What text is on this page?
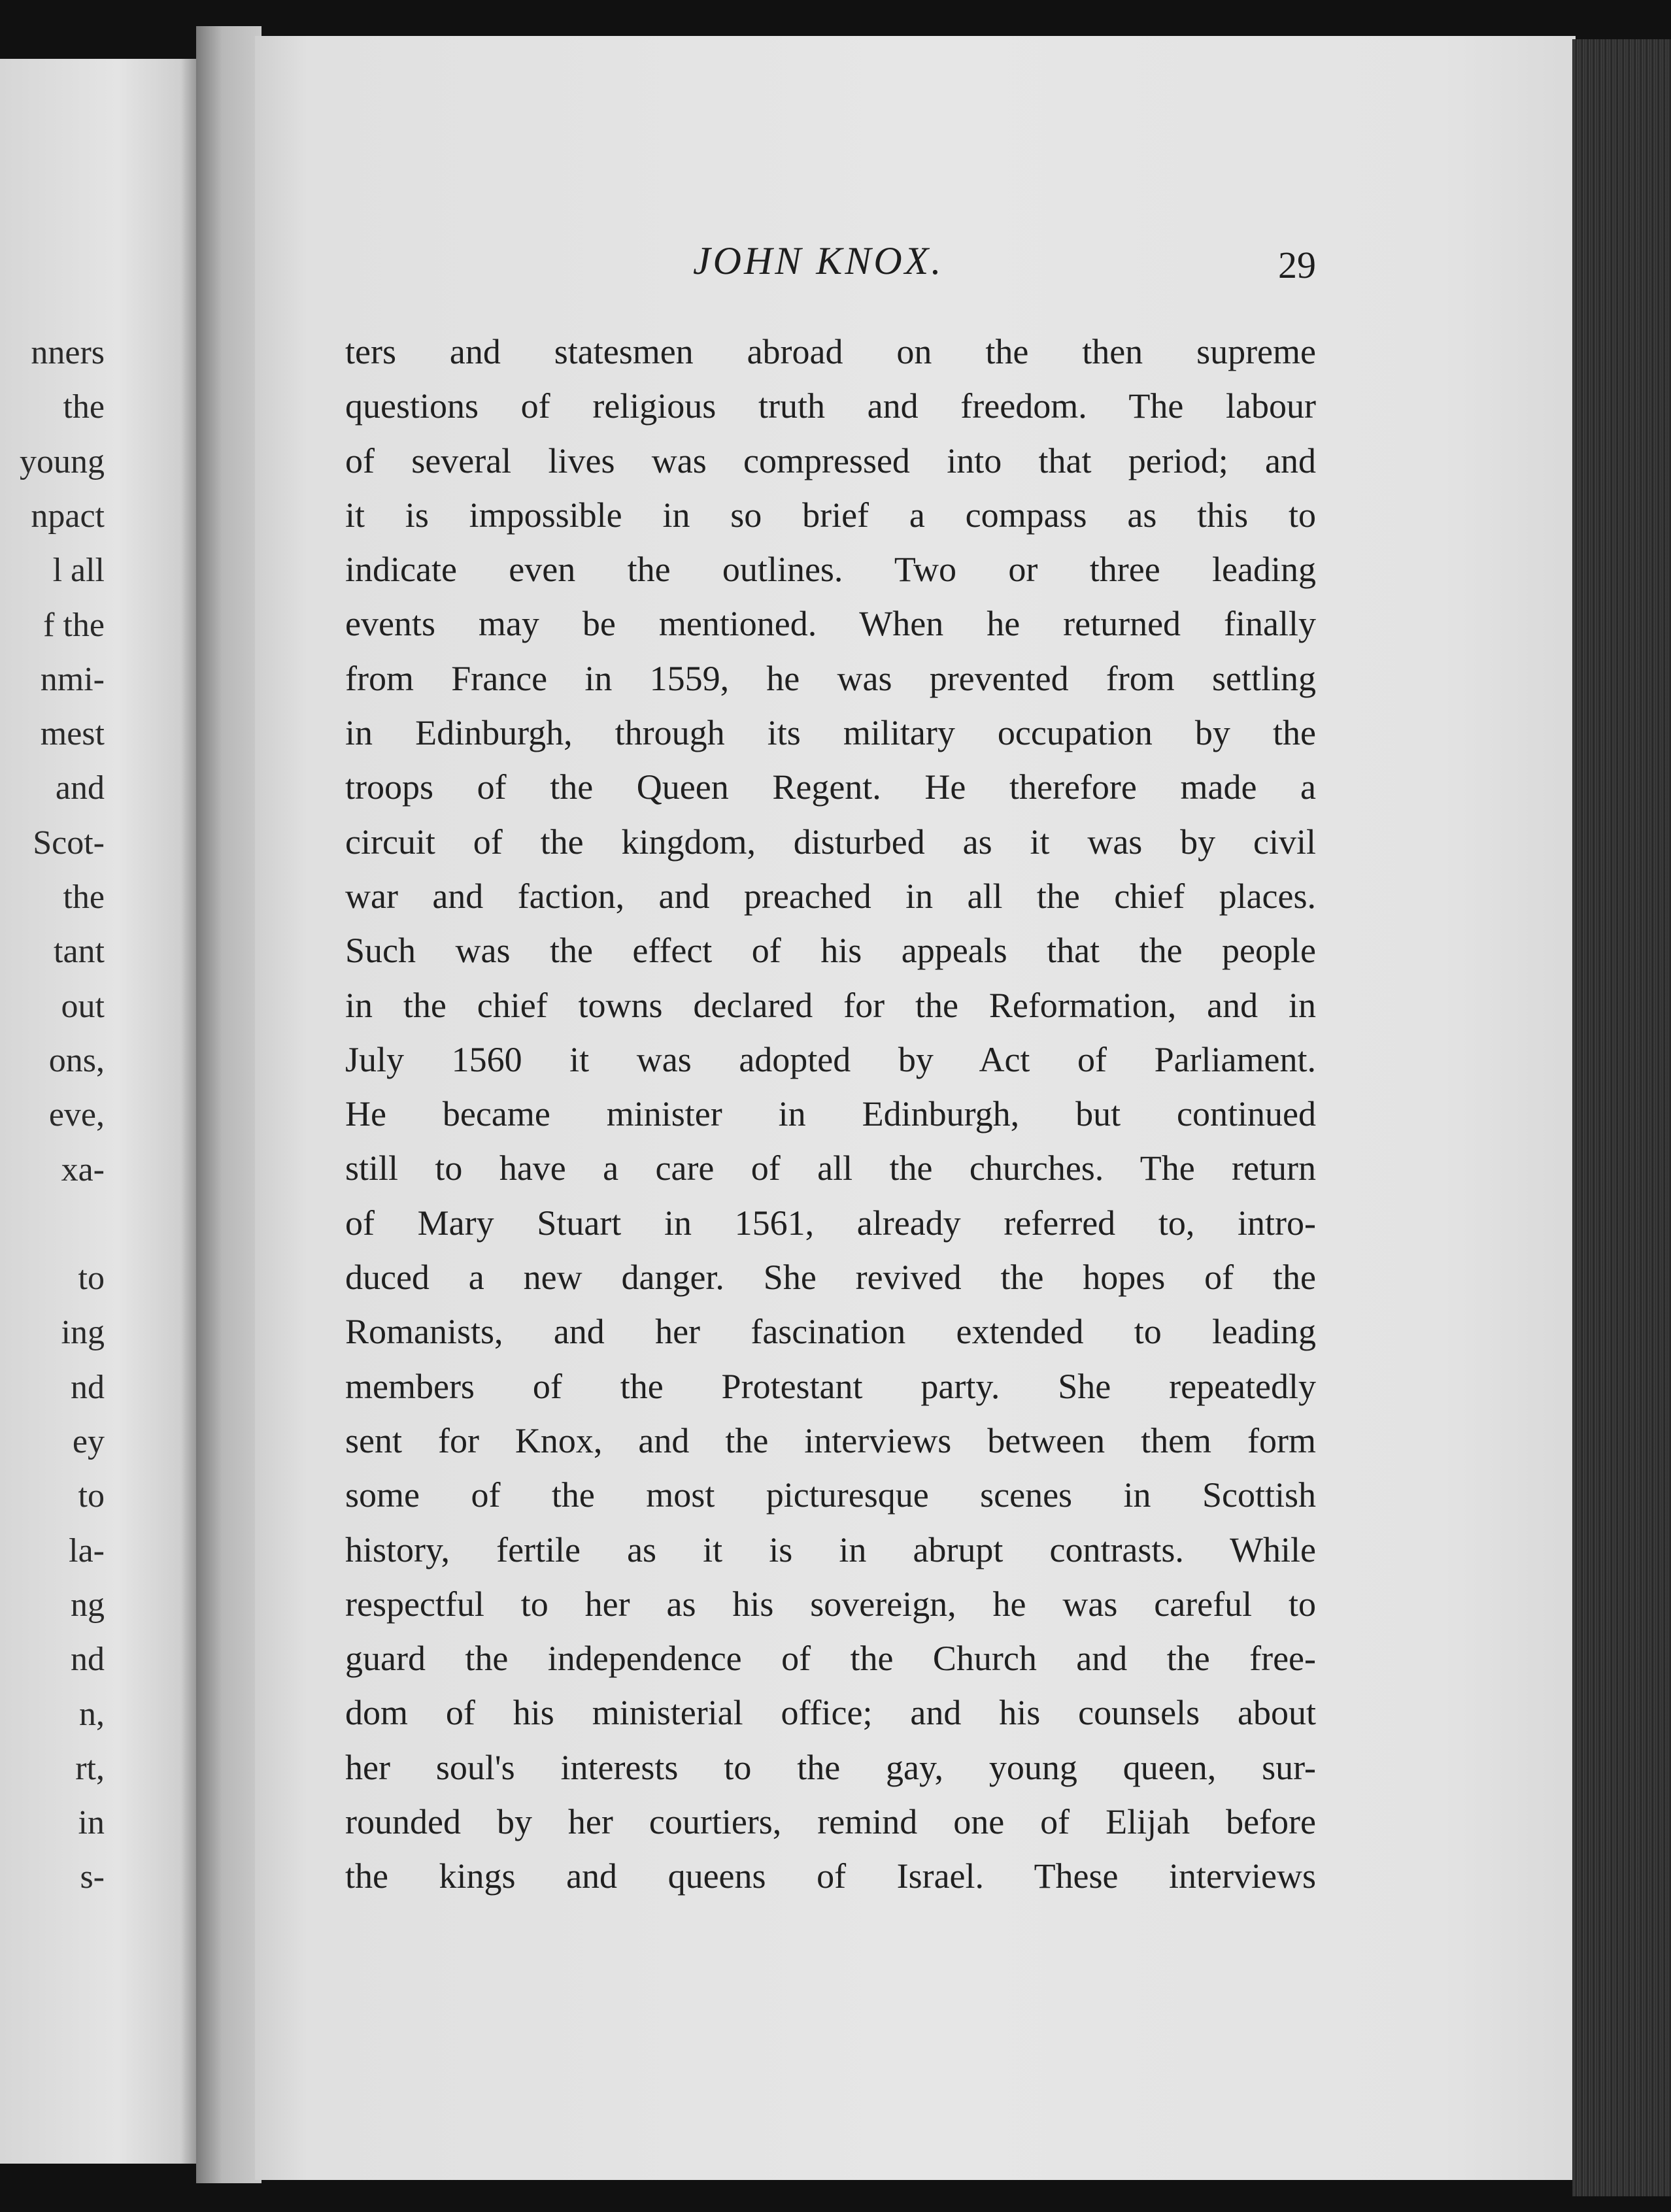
nners
the
young
npact
l all
f the
nmi-
mest
and
Scot-
the
tant
out
ons,
eve,
xa-
to
ing
nd
ey
to
la-
ng
nd
n,
rt,
in
s-
JOHN KNOX.	29
ters and statesmen abroad on the then supreme
questions of religious truth and freedom. The labour
of several lives was compressed into that period; and
it is impossible in so brief a compass as this to
indicate even the outlines. Two or three leading
events may be mentioned. When he returned finally
from France in 1559, he was prevented from settling
in Edinburgh, through its military occupation by the
troops of the Queen Regent. He therefore made a
circuit of the kingdom, disturbed as it was by civil
war and faction, and preached in all the chief places.
Such was the effect of his appeals that the people
in the chief towns declared for the Reformation, and in
July 1560 it was adopted by Act of Parliament.
He became minister in Edinburgh, but continued
still to have a care of all the churches. The return
of Mary Stuart in 1561, already referred to, intro-
duced a new danger. She revived the hopes of the
Romanists, and her fascination extended to leading
members of the Protestant party. She repeatedly
sent for Knox, and the interviews between them form
some of the most picturesque scenes in Scottish
history, fertile as it is in abrupt contrasts. While
respectful to her as his sovereign, he was careful to
guard the independence of the Church and the free-
dom of his ministerial office; and his counsels about
her soul's interests to the gay, young queen, sur-
rounded by her courtiers, remind one of Elijah before
the kings and queens of Israel. These interviews
